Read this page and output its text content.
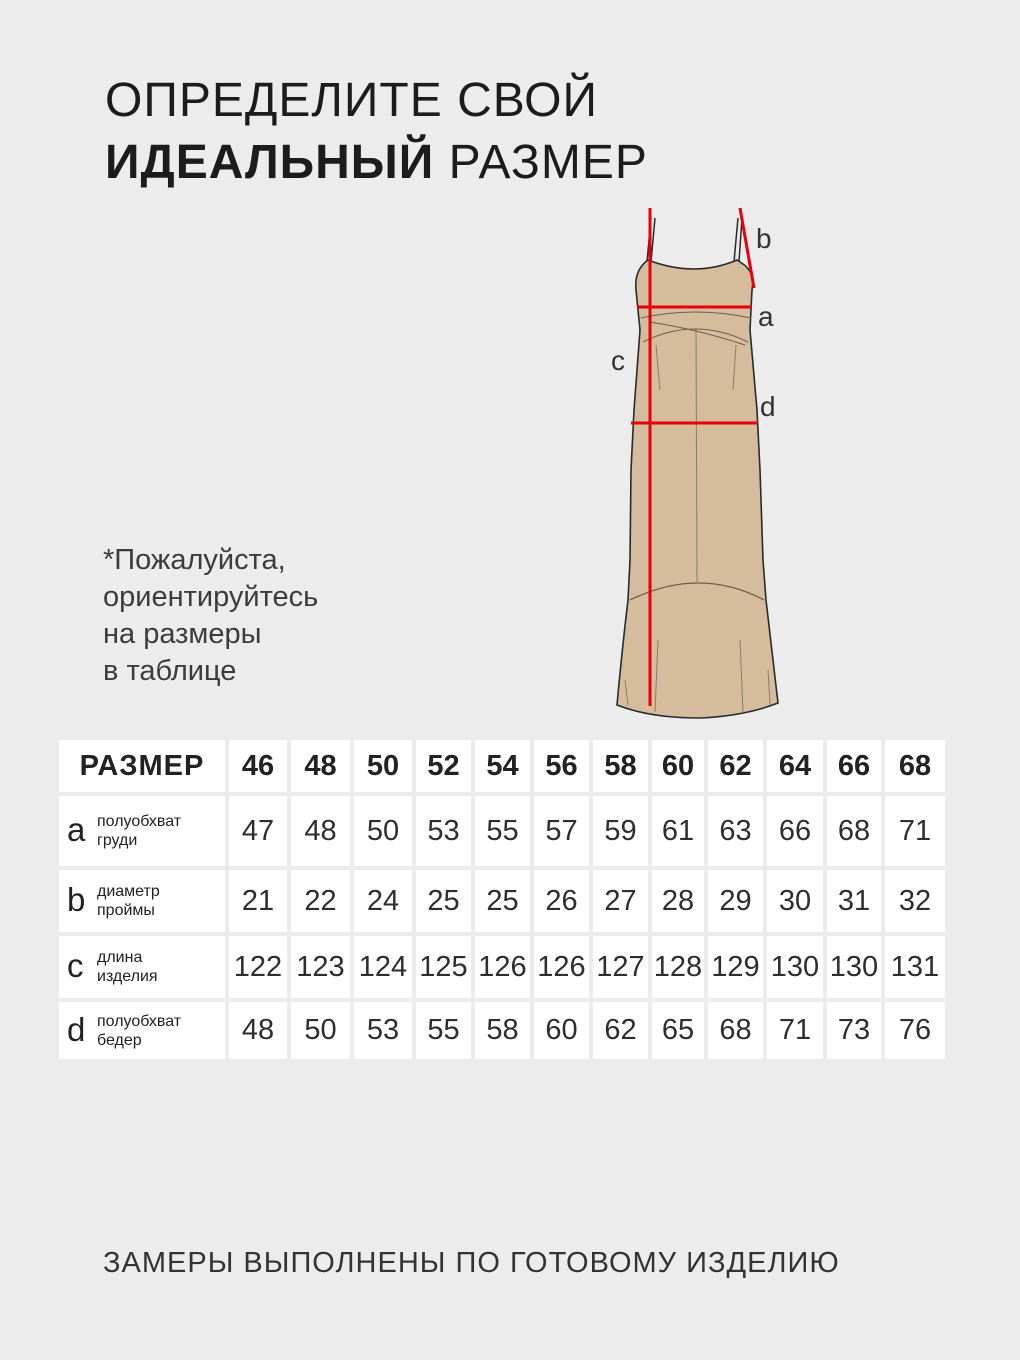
ОПРЕДЕЛИТЕ СВОЙ
ИДЕАЛЬНЫЙ РАЗМЕР
*Пожалуйста,
ориентируйтесь
на размеры
в таблице
b
a
c
d
РАЗМЕР	46	48	50	52	54	56	58	60	62	64	66	68

a полуобхват
груди	47	48	50	53	55	57	59	61	63	66	68	71

b диаметр
проймы	21	22	24	25	25	26	27	28	29	30	31	32

c длина
изделия	122	123	124	125	126	126	127	128	129	130	130	131

d полуобхват
бедер	48	50	53	55	58	60	62	65	68	71	73	76
ЗАМЕРЫ ВЫПОЛНЕНЫ ПО ГОТОВОМУ ИЗДЕЛИЮ
